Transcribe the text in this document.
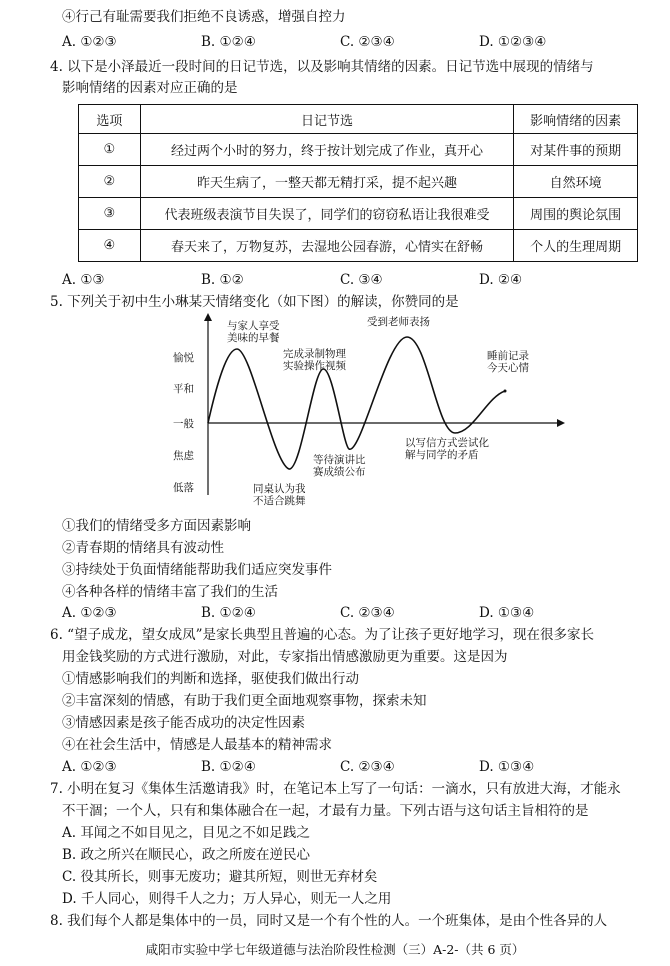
④行己有耻需要我们拒绝不良诱惑，增强自控力
A. ①②③	B. ①②④	C. ②③④	D. ①②③④
4. 以下是小泽最近一段时间的日记节选，以及影响其情绪的因素。日记节选中展现的情绪与
影响情绪的因素对应正确的是
选项	日记节选	影响情绪的因素
①	经过两个小时的努力，终于按计划完成了作业，真开心	对某件事的预期
②	昨天生病了，一整天都无精打采，提不起兴趣	自然环境
③	代表班级表演节目失误了，同学们的窃窃私语让我很难受	周围的舆论氛围
④	春天来了，万物复苏，去湿地公园春游，心情实在舒畅	个人的生理周期
A. ①③	B. ①②	C. ③④	D. ②④
5. 下列关于初中生小琳某天情绪变化（如下图）的解读，你赞同的是
愉悦
平和
一般
焦虑
低落
与家人享受
美味的早餐
同桌认为我
不适合跳舞
完成录制物理
实验操作视频
等待演讲比
赛成绩公布
受到老师表扬
以写信方式尝试化
解与同学的矛盾
睡前记录
今天心情
①我们的情绪受多方面因素影响
②青春期的情绪具有波动性
③持续处于负面情绪能帮助我们适应突发事件
④各种各样的情绪丰富了我们的生活
A. ①②③	B. ①②④	C. ②③④	D. ①③④
6. “望子成龙，望女成凤”是家长典型且普遍的心态。为了让孩子更好地学习，现在很多家长
用金钱奖励的方式进行激励，对此，专家指出情感激励更为重要。这是因为
①情感影响我们的判断和选择，驱使我们做出行动
②丰富深刻的情感，有助于我们更全面地观察事物，探索未知
③情感因素是孩子能否成功的决定性因素
④在社会生活中，情感是人最基本的精神需求
A. ①②③	B. ①②④	C. ②③④	D. ①③④
7. 小明在复习《集体生活邀请我》时，在笔记本上写了一句话：一滴水，只有放进大海，才能永
不干涸；一个人，只有和集体融合在一起，才最有力量。下列古语与这句话主旨相符的是
A. 耳闻之不如目见之，目见之不如足践之
B. 政之所兴在顺民心，政之所废在逆民心
C. 役其所长，则事无废功；避其所短，则世无弃材矣
D. 千人同心，则得千人之力；万人异心，则无一人之用
8. 我们每个人都是集体中的一员，同时又是一个有个性的人。一个班集体，是由个性各异的人
咸阳市实验中学七年级道德与法治阶段性检测（三）A-2-（共 6 页）
